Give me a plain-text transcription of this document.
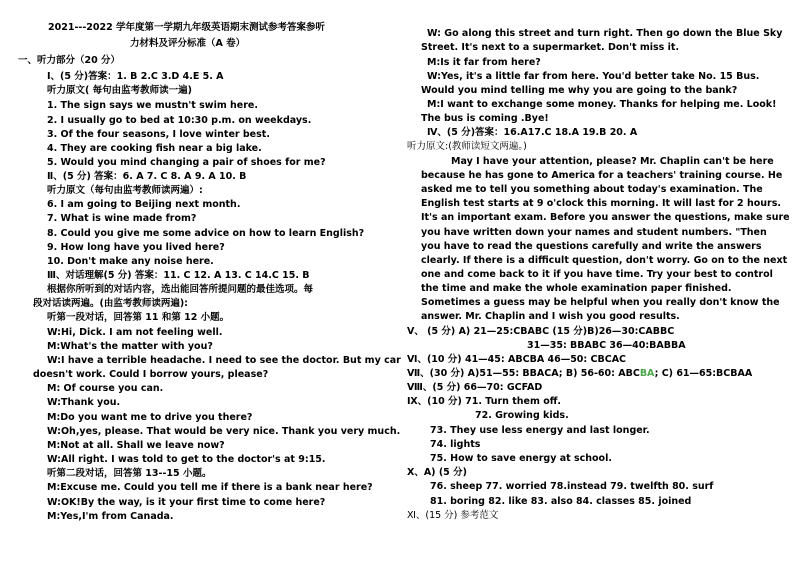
2021---2022 学年度第一学期九年级英语期末测试参考答案参听
力材料及评分标准（A 卷）
一、听力部分（20 分）
Ⅰ、(5 分)答案：1. B 2.C 3.D 4.E 5. A
听力原文( 每句由监考教师读一遍)
1. The sign says we mustn't swim here.
2. I usually go to bed at 10:30 p.m. on weekdays.
3. Of the four seasons, I love winter best.
4. They are cooking fish near a big lake.
5. Would you mind changing a pair of shoes for me?
Ⅱ、(5 分) 答案：6. A 7. C 8. A 9. A 10. B
听力原文（每句由监考教师读两遍）:
6. I am going to Beijing next month.
7. What is wine made from?
8. Could you give me some advice on how to learn English?
9. How long have you lived here?
10. Don't make any noise here.
Ⅲ、对话理解(5 分) 答案：11. C 12. A 13. C 14.C 15. B
根据你所听到的对话内容，选出能回答所提问题的最佳选项。每
段对话读两遍。(由监考教师读两遍):
听第一段对话，回答第 11 和第 12 小题。
W:Hi, Dick. I am not feeling well.
M:What's the matter with you?
W:I have a terrible headache. I need to see the doctor. But my car
doesn't work. Could I borrow yours, please?
M: Of course you can.
W:Thank you.
M:Do you want me to drive you there?
W:Oh,yes, please. That would be very nice. Thank you very much.
M:Not at all. Shall we leave now?
W:All right. I was told to get to the doctor's at 9:15.
听第二段对话，回答第 13--15 小题。
M:Excuse me. Could you tell me if there is a bank near here?
W:OK!By the way, is it your first time to come here?
M:Yes,I'm from Canada.
W: Go along this street and turn right. Then go down the Blue Sky
Street. It's next to a supermarket. Don't miss it.
M:Is it far from here?
W:Yes, it's a little far from here. You'd better take No. 15 Bus.
Would you mind telling me why you are going to the bank?
M:I want to exchange some money. Thanks for helping me. Look!
The bus is coming .Bye!
Ⅳ、(5 分)答案：16.A17.C 18.A 19.B 20. A
听力原文:(教师读短文两遍。)
May I have your attention, please? Mr. Chaplin can't be here
because he has gone to America for a teachers' training course. He
asked me to tell you something about today's examination. The
English test starts at 9 o'clock this morning. It will last for 2 hours.
It's an important exam. Before you answer the questions, make sure
you have written down your names and student numbers. "Then
you have to read the questions carefully and write the answers
clearly. If there is a difficult question, don't worry. Go on to the next
one and come back to it if you have time. Try your best to control
the time and make the whole examination paper finished.
Sometimes a guess may be helpful when you really don't know the
answer. Mr. Chaplin and I wish you good results.
Ⅴ、 (5 分) A) 21—25:CBABC (15 分)B)26—30:CABBC
31—35: BBABC 36—40:BABBA
Ⅵ、(10 分) 41—45: ABCBA 46—50: CBCAC
Ⅶ、(30 分) A)51—55: BBACA; B) 56-60: ABCBA; C) 61—65:BCBAA
Ⅷ、(5 分) 66—70: GCFAD
Ⅸ、(10 分) 71. Turn them off.
72. Growing kids.
73. They use less energy and last longer.
74. lights
75. How to save energy at school.
Ⅹ、A) (5 分)
76. sheep 77. worried 78.instead 79. twelfth 80. surf
81. boring 82. like 83. also 84. classes 85. joined
Ⅺ、(15 分) 参考范文
